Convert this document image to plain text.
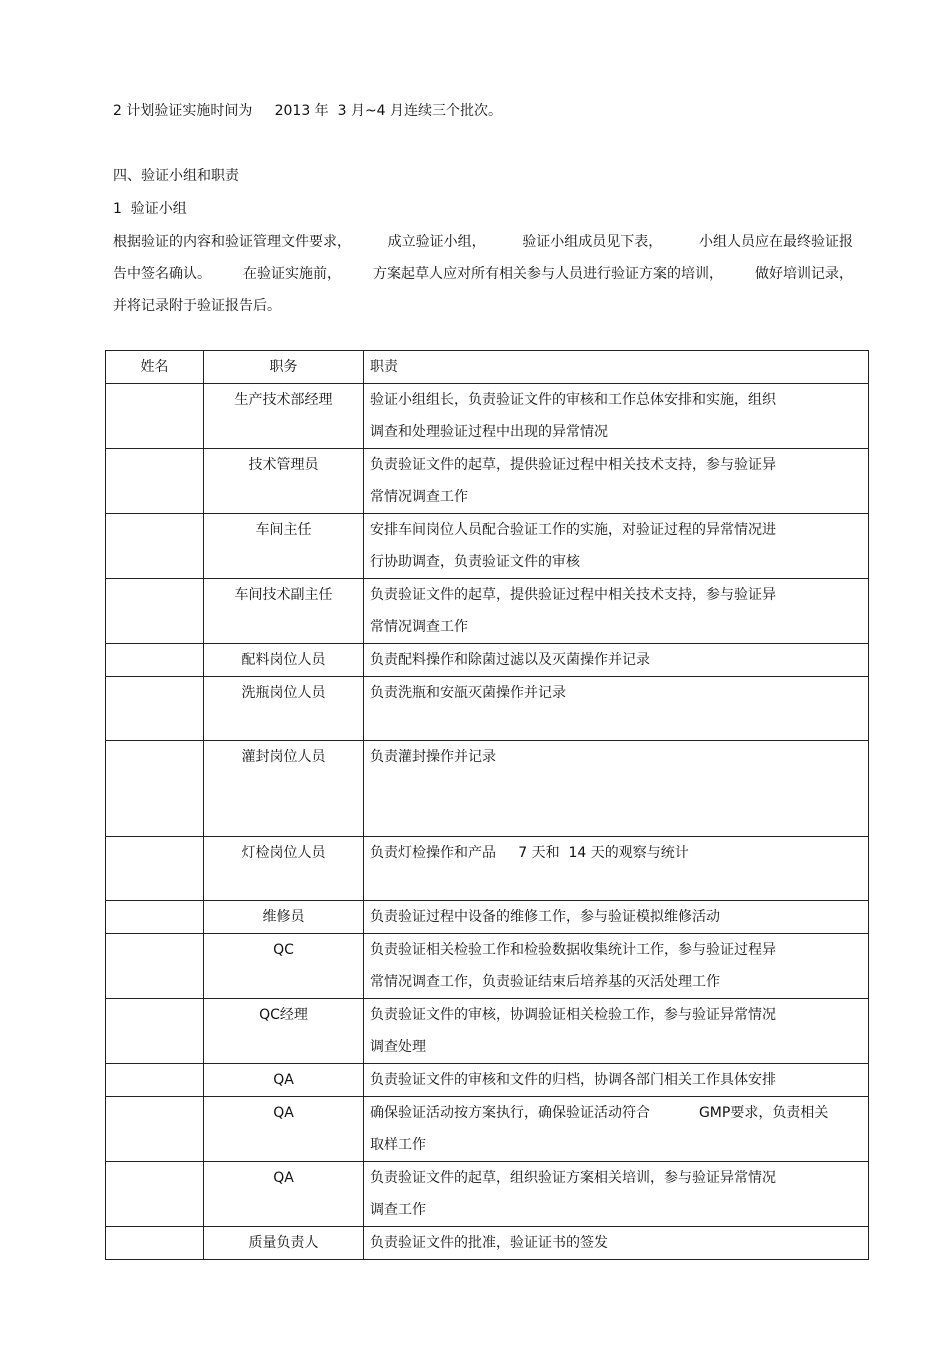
2 计划验证实施时间为     2013 年  3 月~4 月连续三个批次。
四、验证小组和职责
1  验证小组
根据验证的内容和验证管理文件要求，	成立验证小组，	验证小组成员见下表，	小组人员应在最终验证报
告中签名确认。 在验证实施前， 方案起草人应对所有相关参与人员进行验证方案的培训， 做好培训记录，
并将记录附于验证报告后。
姓名	职务	职责
	生产技术部经理	验证小组组长，负责验证文件的审核和工作总体安排和实施，组织
调查和处理验证过程中出现的异常情况
	技术管理员	负责验证文件的起草，提供验证过程中相关技术支持，参与验证异
常情况调查工作
	车间主任	安排车间岗位人员配合验证工作的实施，对验证过程的异常情况进
行协助调查，负责验证文件的审核
	车间技术副主任	负责验证文件的起草，提供验证过程中相关技术支持，参与验证异
常情况调查工作
	配料岗位人员	负责配料操作和除菌过滤以及灭菌操作并记录
	洗瓶岗位人员	负责洗瓶和安瓿灭菌操作并记录
	灌封岗位人员	负责灌封操作并记录
	灯检岗位人员	负责灯检操作和产品     7 天和  14 天的观察与统计
	维修员	负责验证过程中设备的维修工作，参与验证模拟维修活动
	QC	负责验证相关检验工作和检验数据收集统计工作，参与验证过程异
常情况调查工作，负责验证结束后培养基的灭活处理工作
	QC经理	负责验证文件的审核，协调验证相关检验工作，参与验证异常情况
调查处理
	QA	负责验证文件的审核和文件的归档，协调各部门相关工作具体安排
	QA	确保验证活动按方案执行，确保验证活动符合           GMP要求，负责相关
取样工作
	QA	负责验证文件的起草，组织验证方案相关培训，参与验证异常情况
调查工作
	质量负责人	负责验证文件的批准，验证证书的签发
